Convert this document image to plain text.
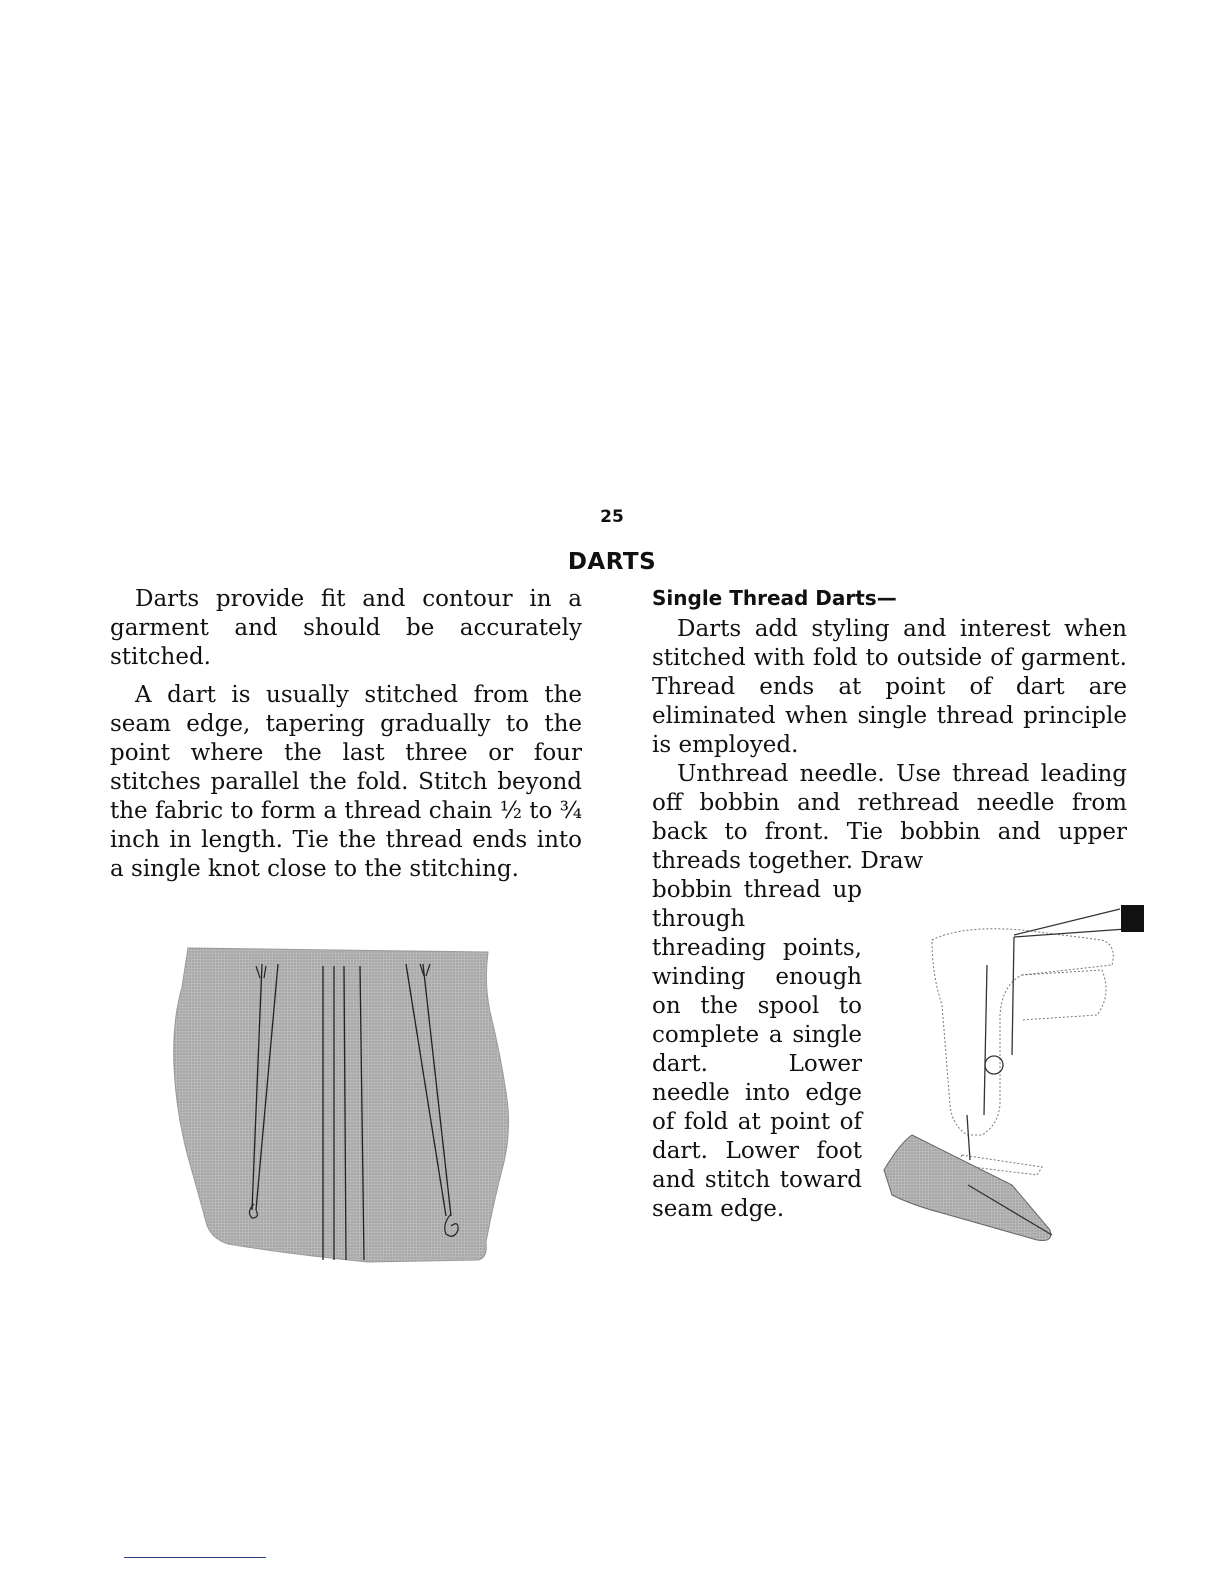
25
DARTS

Darts provide fit and contour in a garment and should be accurately stitched.

A dart is usually stitched from the seam edge, tapering gradually to the point where the last three or four stitches parallel the fold. Stitch beyond the fabric to form a thread chain ½ to ¾ inch in length. Tie the thread ends into a single knot close to the stitching.

Single Thread Darts—

Darts add styling and interest when stitched with fold to outside of garment. Thread ends at point of dart are eliminated when single thread principle is employed.

Unthread needle. Use thread leading off bobbin and rethread needle from back to front. Tie bobbin and upper threads together. Draw

bobbin thread up through threading points, winding enough on the spool to complete a single dart. Lower needle into edge of fold at point of dart. Lower foot and stitch toward seam edge.
